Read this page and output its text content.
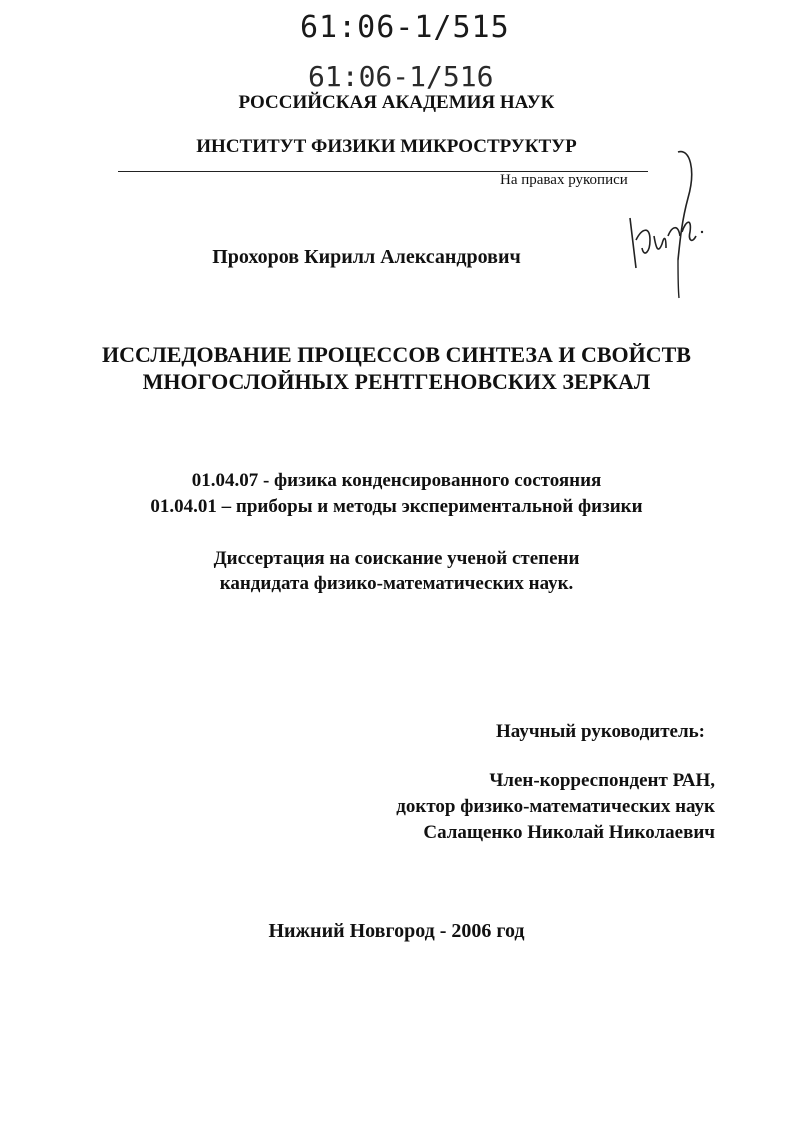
61:06-1/515
61:06-1/516
РОССИЙСКАЯ АКАДЕМИЯ НАУК
ИНСТИТУТ ФИЗИКИ МИКРОСТРУКТУР
На правах рукописи
Прохоров Кирилл Александрович
ИССЛЕДОВАНИЕ ПРОЦЕССОВ СИНТЕЗА И СВОЙСТВ
МНОГОСЛОЙНЫХ РЕНТГЕНОВСКИХ ЗЕРКАЛ
01.04.07 - физика конденсированного состояния
01.04.01 – приборы и методы экспериментальной физики
Диссертация на соискание ученой степени
кандидата физико-математических наук.
Научный руководитель:
Член-корреспондент РАН,
доктор физико-математических наук
Салащенко Николай Николаевич
Нижний Новгород - 2006 год
